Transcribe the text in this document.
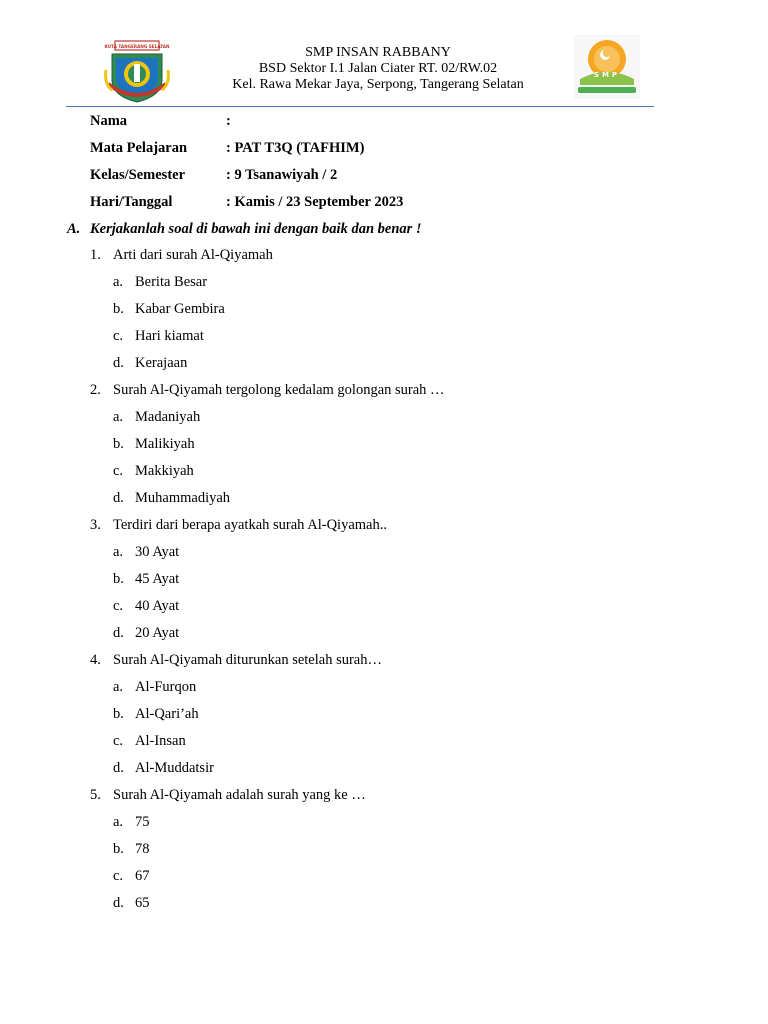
KOTA TANGERANG SELATAN	SMP INSAN RABBANY
BSD Sektor I.1 Jalan Ciater RT. 02/RW.02
Kel. Rawa Mekar Jaya, Serpong, Tangerang Selatan
SMP
Nama	:
Mata Pelajaran	: PAT T3Q (TAFHIM)
Kelas/Semester	: 9 Tsanawiyah / 2
Hari/Tanggal	: Kamis / 23 September 2023
A. Kerjakanlah soal di bawah ini dengan baik dan benar !
1. Arti dari surah Al-Qiyamah
a. Berita Besar
b. Kabar Gembira
c. Hari kiamat
d. Kerajaan
2. Surah Al-Qiyamah tergolong kedalam golongan surah …
a. Madaniyah
b. Malikiyah
c. Makkiyah
d. Muhammadiyah
3. Terdiri dari berapa ayatkah surah Al-Qiyamah..
a. 30 Ayat
b. 45 Ayat
c. 40 Ayat
d. 20 Ayat
4. Surah Al-Qiyamah diturunkan setelah surah…
a. Al-Furqon
b. Al-Qari’ah
c. Al-Insan
d. Al-Muddatsir
5. Surah Al-Qiyamah adalah surah yang ke …
a. 75
b. 78
c. 67
d. 65
